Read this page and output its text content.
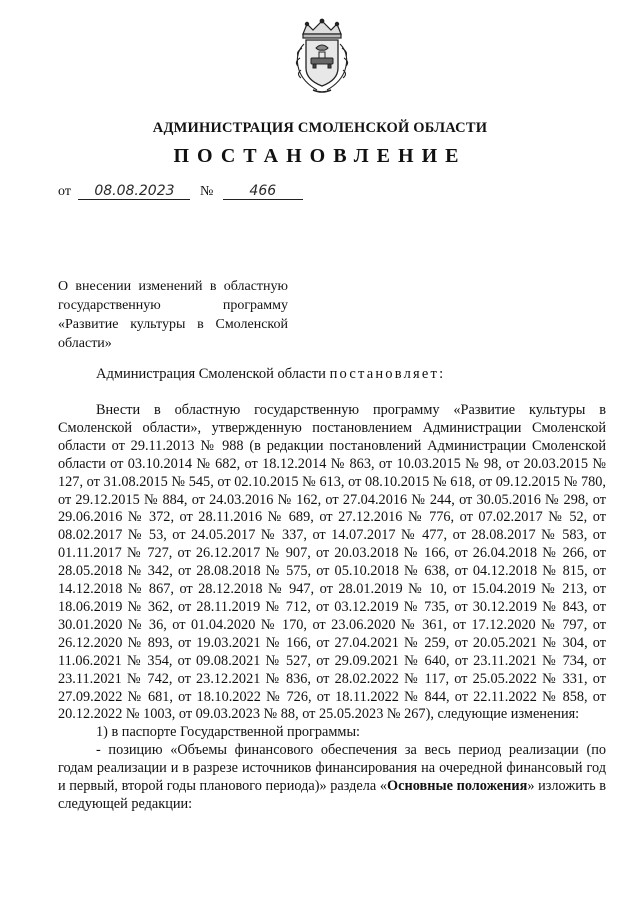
АДМИНИСТРАЦИЯ СМОЛЕНСКОЙ ОБЛАСТИ
ПОСТАНОВЛЕНИЕ
от 08.08.2023 №	466
О внесении изменений в областную государственную программу «Развитие культуры в Смоленской области»
Администрация Смоленской области постановляет:

Внести в областную государственную программу «Развитие культуры в Смоленской области», утвержденную постановлением Администрации Смоленской области от 29.11.2013 № 988 (в редакции постановлений Администрации Смоленской области от 03.10.2014 № 682, от 18.12.2014 № 863, от 10.03.2015 № 98, от 20.03.2015 № 127, от 31.08.2015 № 545, от 02.10.2015 № 613, от 08.10.2015 № 618, от 09.12.2015 № 780, от 29.12.2015 № 884, от 24.03.2016 № 162, от 27.04.2016 № 244, от 30.05.2016 № 298, от 29.06.2016 № 372, от 28.11.2016 № 689, от 27.12.2016 № 776, от 07.02.2017 № 52, от 08.02.2017 № 53, от 24.05.2017 № 337, от 14.07.2017 № 477, от 28.08.2017 № 583, от 01.11.2017 № 727, от 26.12.2017 № 907, от 20.03.2018 № 166, от 26.04.2018 № 266, от 28.05.2018 № 342, от 28.08.2018 № 575, от 05.10.2018 № 638, от 04.12.2018 № 815, от 14.12.2018 № 867, от 28.12.2018 № 947, от 28.01.2019 № 10, от 15.04.2019 № 213, от 18.06.2019 № 362, от 28.11.2019 № 712, от 03.12.2019 № 735, от 30.12.2019 № 843, от 30.01.2020 № 36, от 01.04.2020 № 170, от 23.06.2020 № 361, от 17.12.2020 № 797, от 26.12.2020 № 893, от 19.03.2021 № 166, от 27.04.2021 № 259, от 20.05.2021 № 304, от 11.06.2021 № 354, от 09.08.2021 № 527, от 29.09.2021 № 640, от 23.11.2021 № 734, от 23.11.2021 № 742, от 23.12.2021 № 836, от 28.02.2022 № 117, от 25.05.2022 № 331, от 27.09.2022 № 681, от 18.10.2022 № 726, от 18.11.2022 № 844, от 22.11.2022 № 858, от 20.12.2022 № 1003, от 09.03.2023 № 88, от 25.05.2023 № 267), следующие изменения:

1) в паспорте Государственной программы:

- позицию «Объемы финансового обеспечения за весь период реализации (по годам реализации и в разрезе источников финансирования на очередной финансовый год и первый, второй годы планового периода)» раздела «Основные положения» изложить в следующей редакции:
